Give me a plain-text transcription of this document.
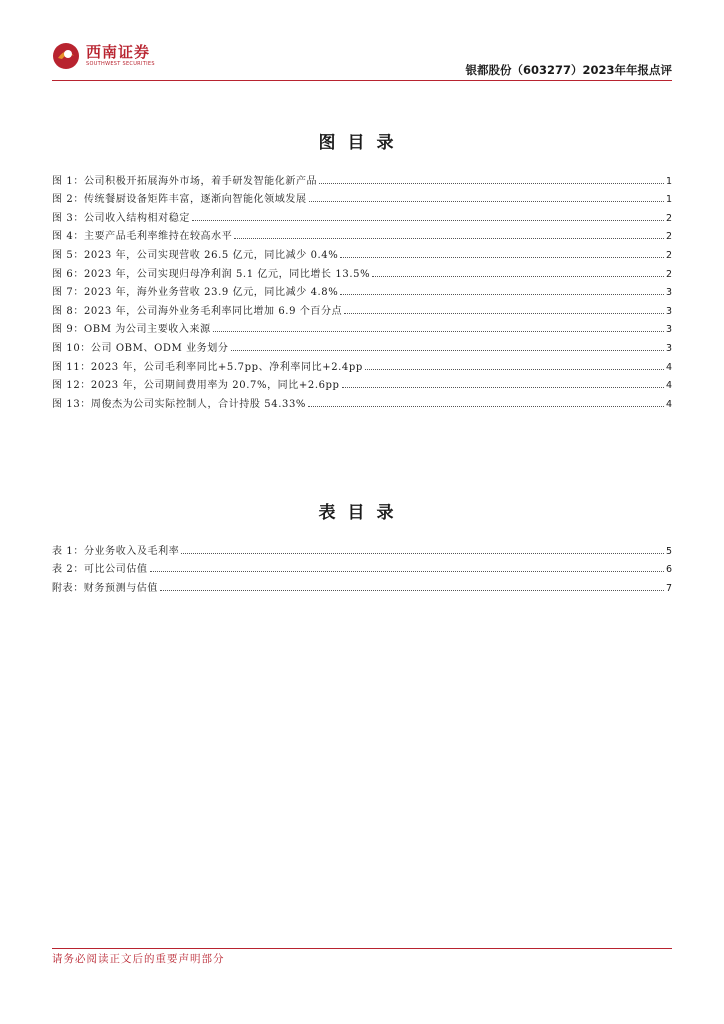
西南证券
SOUTHWEST SECURITIES	银都股份（603277）2023年年报点评
图目录
图 1：公司积极开拓展海外市场，着手研发智能化新产品	1
图 2：传统餐厨设备矩阵丰富，逐渐向智能化领域发展	1
图 3：公司收入结构相对稳定	2
图 4：主要产品毛利率维持在较高水平	2
图 5：2023 年，公司实现营收 26.5 亿元，同比减少 0.4%	2
图 6：2023 年，公司实现归母净利润 5.1 亿元，同比增长 13.5%	2
图 7：2023 年，海外业务营收 23.9 亿元，同比减少 4.8%	3
图 8：2023 年，公司海外业务毛利率同比增加 6.9 个百分点	3
图 9：OBM 为公司主要收入来源	3
图 10：公司 OBM、ODM 业务划分	3
图 11：2023 年，公司毛利率同比+5.7pp、净利率同比+2.4pp	4
图 12：2023 年，公司期间费用率为 20.7%，同比+2.6pp	4
图 13：周俊杰为公司实际控制人，合计持股 54.33%	4
表目录
表 1：分业务收入及毛利率	5
表 2：可比公司估值	6
附表：财务预测与估值	7
请务必阅读正文后的重要声明部分
